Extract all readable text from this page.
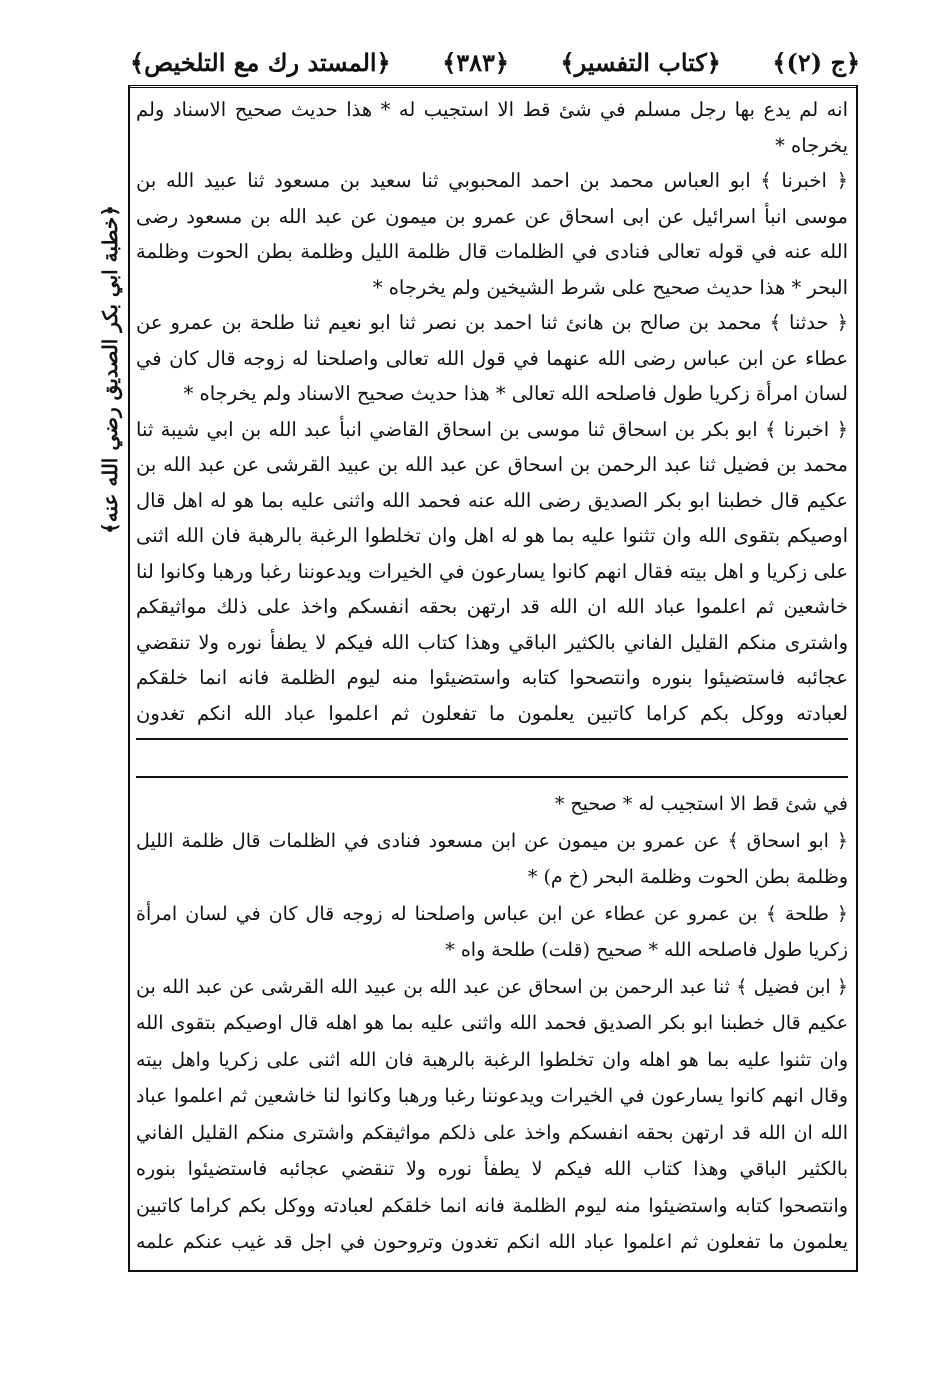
﴿المستد رك مع التلخيص﴾ ﴿٣٨٣﴾ ﴿كتاب التفسير﴾ ﴿ج (٢)﴾
﴿خطبة ابي بكر الصديق رضي الله عنه﴾

انه لم يدع بها رجل مسلم في شئ قط الا استجيب له * هذا حديث صحيح الاسناد ولم يخرجاه *

﴿ اخبرنا ﴾ ابو العباس محمد بن احمد المحبوبي ثنا سعيد بن مسعود ثنا عبيد الله بن موسى انبأ اسرائيل عن ابى اسحاق عن عمرو بن ميمون عن عبد الله بن مسعود رضى الله عنه في قوله تعالى فنادى في الظلمات قال ظلمة الليل وظلمة بطن الحوت وظلمة البحر * هذا حديث صحيح على شرط الشيخين ولم يخرجاه *

﴿ حدثنا ﴾ محمد بن صالح بن هانئ ثنا احمد بن نصر ثنا ابو نعيم ثنا طلحة بن عمرو عن عطاء عن ابن عباس رضى الله عنهما في قول الله تعالى واصلحنا له زوجه قال كان في لسان امرأة زكريا طول فاصلحه الله تعالى * هذا حديث صحيح الاسناد ولم يخرجاه *

﴿ اخبرنا ﴾ ابو بكر بن اسحاق ثنا موسى بن اسحاق القاضي انبأ عبد الله بن ابي شيبة ثنا محمد بن فضيل ثنا عبد الرحمن بن اسحاق عن عبد الله بن عبيد القرشى عن عبد الله بن عكيم قال خطبنا ابو بكر الصديق رضى الله عنه فحمد الله واثنى عليه بما هو له اهل قال اوصيكم بتقوى الله وان تثنوا عليه بما هو له اهل وان تخلطوا الرغبة بالرهبة فان الله اثنى على زكريا و اهل بيته فقال انهم كانوا يسارعون في الخيرات ويدعوننا رغبا ورهبا وكانوا لنا خاشعين ثم اعلموا عباد الله ان الله قد ارتهن بحقه انفسكم واخذ على ذلك مواثيقكم واشترى منكم القليل الفاني بالكثير الباقي وهذا كتاب الله فيكم لا يطفأ نوره ولا تنقضي عجائبه فاستضيئوا بنوره وانتصحوا كتابه واستضيئوا منه ليوم الظلمة فانه انما خلقكم لعبادته ووكل بكم كراما كاتبين يعلمون ما تفعلون ثم اعلموا عباد الله انكم تغدون

في شئ قط الا استجيب له * صحيح *

﴿ ابو اسحاق ﴾ عن عمرو بن ميمون عن ابن مسعود فنادى في الظلمات قال ظلمة الليل وظلمة بطن الحوت وظلمة البحر (خ م) *

﴿ طلحة ﴾ بن عمرو عن عطاء عن ابن عباس واصلحنا له زوجه قال كان في لسان امرأة زكريا طول فاصلحه الله * صحيح (قلت) طلحة واه *

﴿ ابن فضيل ﴾ ثنا عبد الرحمن بن اسحاق عن عبد الله بن عبيد الله القرشى عن عبد الله بن عكيم قال خطبنا ابو بكر الصديق فحمد الله واثنى عليه بما هو اهله قال اوصيكم بتقوى الله وان تثنوا عليه بما هو اهله وان تخلطوا الرغبة بالرهبة فان الله اثنى على زكريا واهل بيته وقال انهم كانوا يسارعون في الخيرات ويدعوننا رغبا ورهبا وكانوا لنا خاشعين ثم اعلموا عباد الله ان الله قد ارتهن بحقه انفسكم واخذ على ذلكم مواثيقكم واشترى منكم القليل الفاني بالكثير الباقي وهذا كتاب الله فيكم لا يطفأ نوره ولا تنقضي عجائبه فاستضيئوا بنوره وانتصحوا كتابه واستضيئوا منه ليوم الظلمة فانه انما خلقكم لعبادته ووكل بكم كراما كاتبين يعلمون ما تفعلون ثم اعلموا عباد الله انكم تغدون وتروحون في اجل قد غيب عنكم علمه
